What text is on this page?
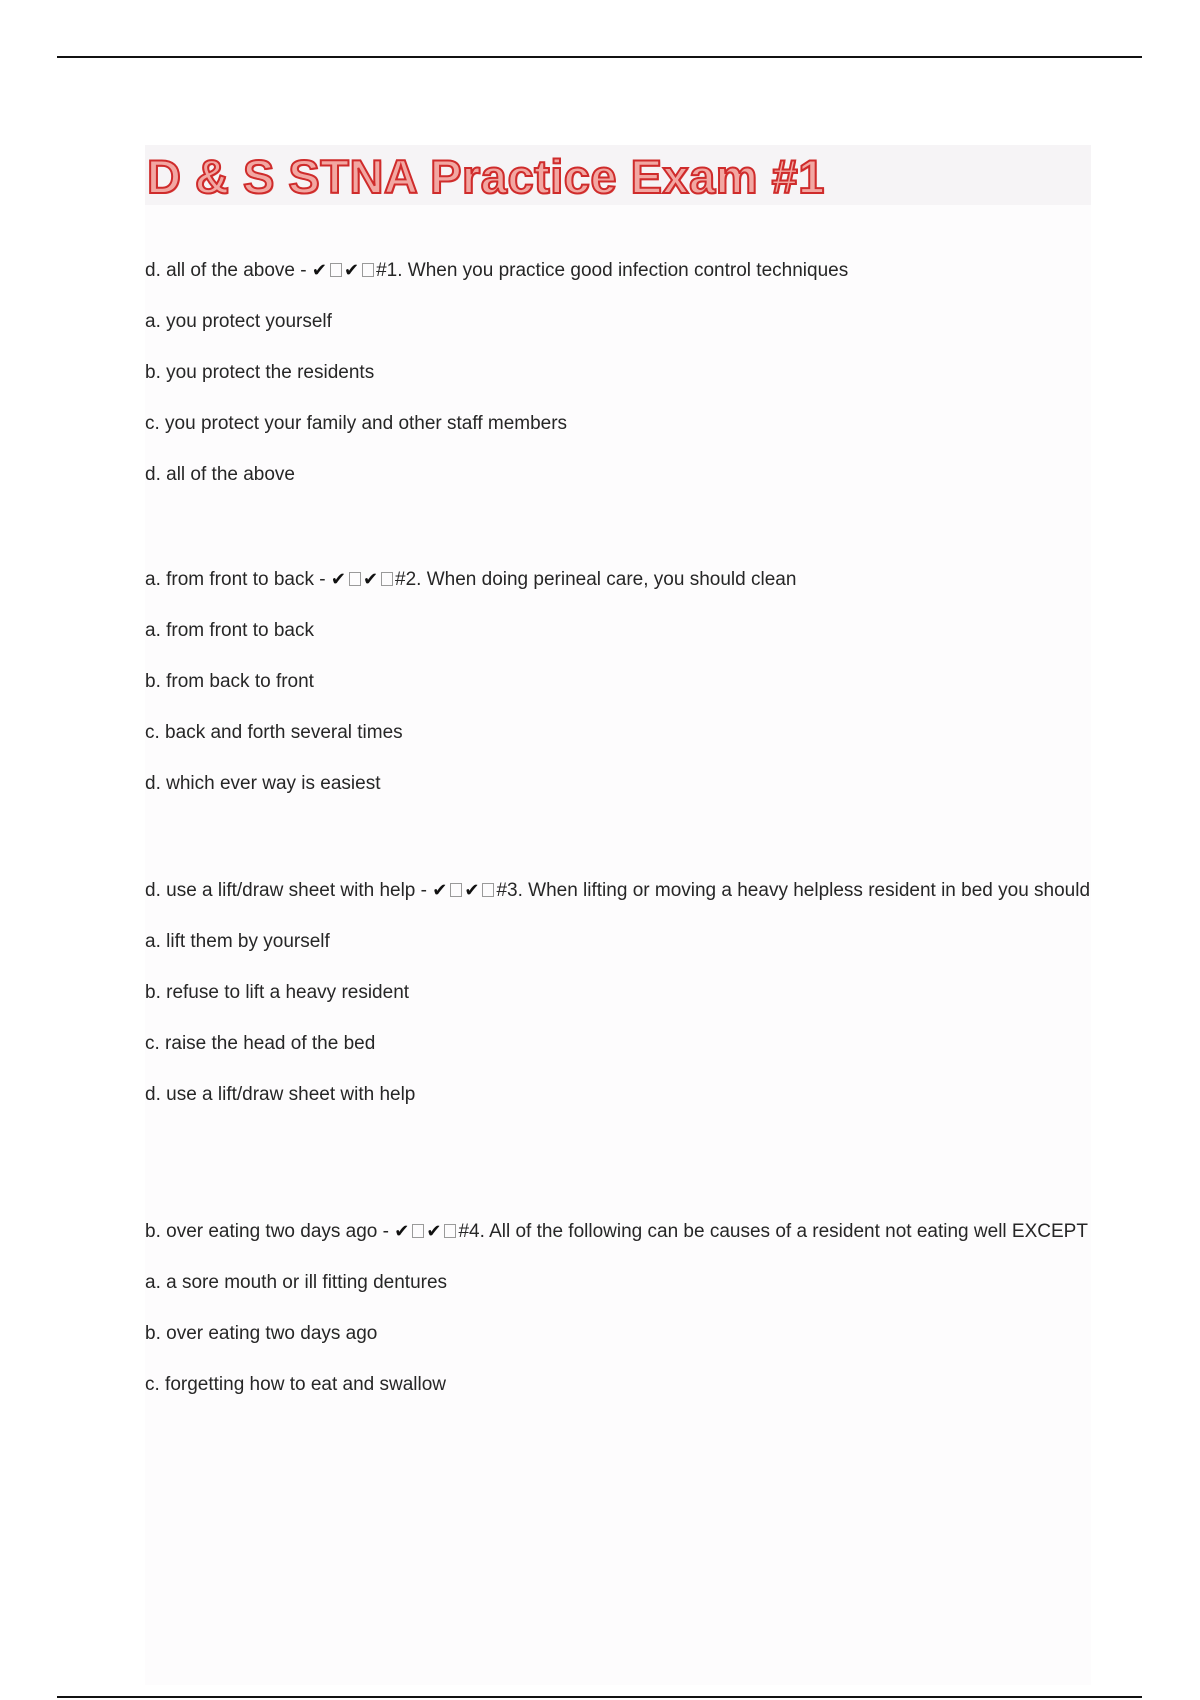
D & S STNA Practice Exam #1

d. all of the above - ✔ ✔ #1. When you practice good infection control techniques

a. you protect yourself

b. you protect the residents

c. you protect your family and other staff members

d. all of the above

a. from front to back - ✔ ✔ #2. When doing perineal care, you should clean

a. from front to back

b. from back to front

c. back and forth several times

d. which ever way is easiest

d. use a lift/draw sheet with help - ✔ ✔ #3. When lifting or moving a heavy helpless resident in bed you should

a. lift them by yourself

b. refuse to lift a heavy resident

c. raise the head of the bed

d. use a lift/draw sheet with help

b. over eating two days ago - ✔ ✔ #4. All of the following can be causes of a resident not eating well EXCEPT

a. a sore mouth or ill fitting dentures

b. over eating two days ago

c. forgetting how to eat and swallow
